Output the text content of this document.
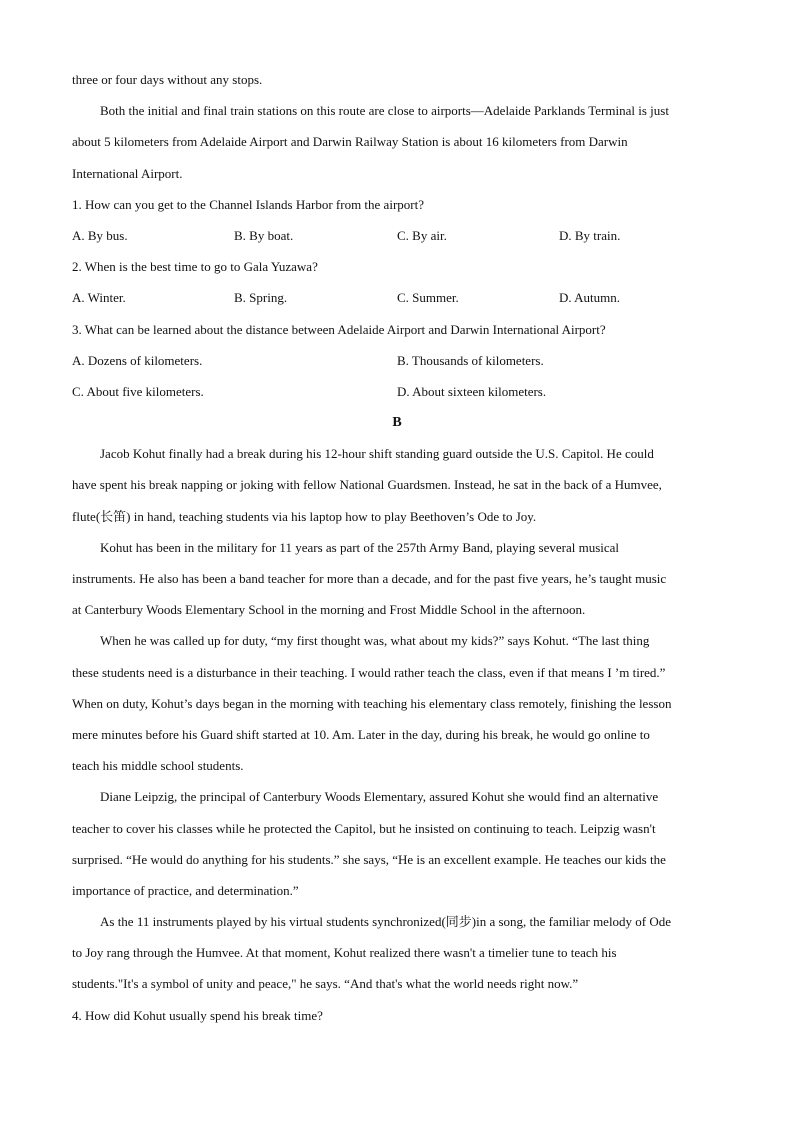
three or four days without any stops.
Both the initial and final train stations on this route are close to airports—Adelaide Parklands Terminal is just
about 5 kilometers from Adelaide Airport and Darwin Railway Station is about 16 kilometers from Darwin
International Airport.
1. How can you get to the Channel Islands Harbor from the airport?
A. By bus.	B. By boat.	C. By air.	D. By train.
2. When is the best time to go to Gala Yuzawa?
A. Winter.	B. Spring.	C. Summer.	D. Autumn.
3. What can be learned about the distance between Adelaide Airport and Darwin International Airport?
A. Dozens of kilometers.	B. Thousands of kilometers.
C. About five kilometers.	D. About sixteen kilometers.
B
Jacob Kohut finally had a break during his 12-hour shift standing guard outside the U.S. Capitol. He could
have spent his break napping or joking with fellow National Guardsmen. Instead, he sat in the back of a Humvee,
flute(长笛) in hand, teaching students via his laptop how to play Beethoven’s Ode to Joy.
Kohut has been in the military for 11 years as part of the 257th Army Band, playing several musical
instruments. He also has been a band teacher for more than a decade, and for the past five years, he’s taught music
at Canterbury Woods Elementary School in the morning and Frost Middle School in the afternoon.
When he was called up for duty, “my first thought was, what about my kids?” says Kohut. “The last thing
these students need is a disturbance in their teaching. I would rather teach the class, even if that means I ’m tired.”
When on duty, Kohut’s days began in the morning with teaching his elementary class remotely, finishing the lesson
mere minutes before his Guard shift started at 10. Am. Later in the day, during his break, he would go online to
teach his middle school students.
Diane Leipzig, the principal of Canterbury Woods Elementary, assured Kohut she would find an alternative
teacher to cover his classes while he protected the Capitol, but he insisted on continuing to teach. Leipzig wasn't
surprised. “He would do anything for his students.” she says, “He is an excellent example. He teaches our kids the
importance of practice, and determination.”
As the 11 instruments played by his virtual students synchronized(同步)in a song, the familiar melody of Ode
to Joy rang through the Humvee. At that moment, Kohut realized there wasn't a timelier tune to teach his
students."It's a symbol of unity and peace," he says. “And that's what the world needs right now.”
4. How did Kohut usually spend his break time?
